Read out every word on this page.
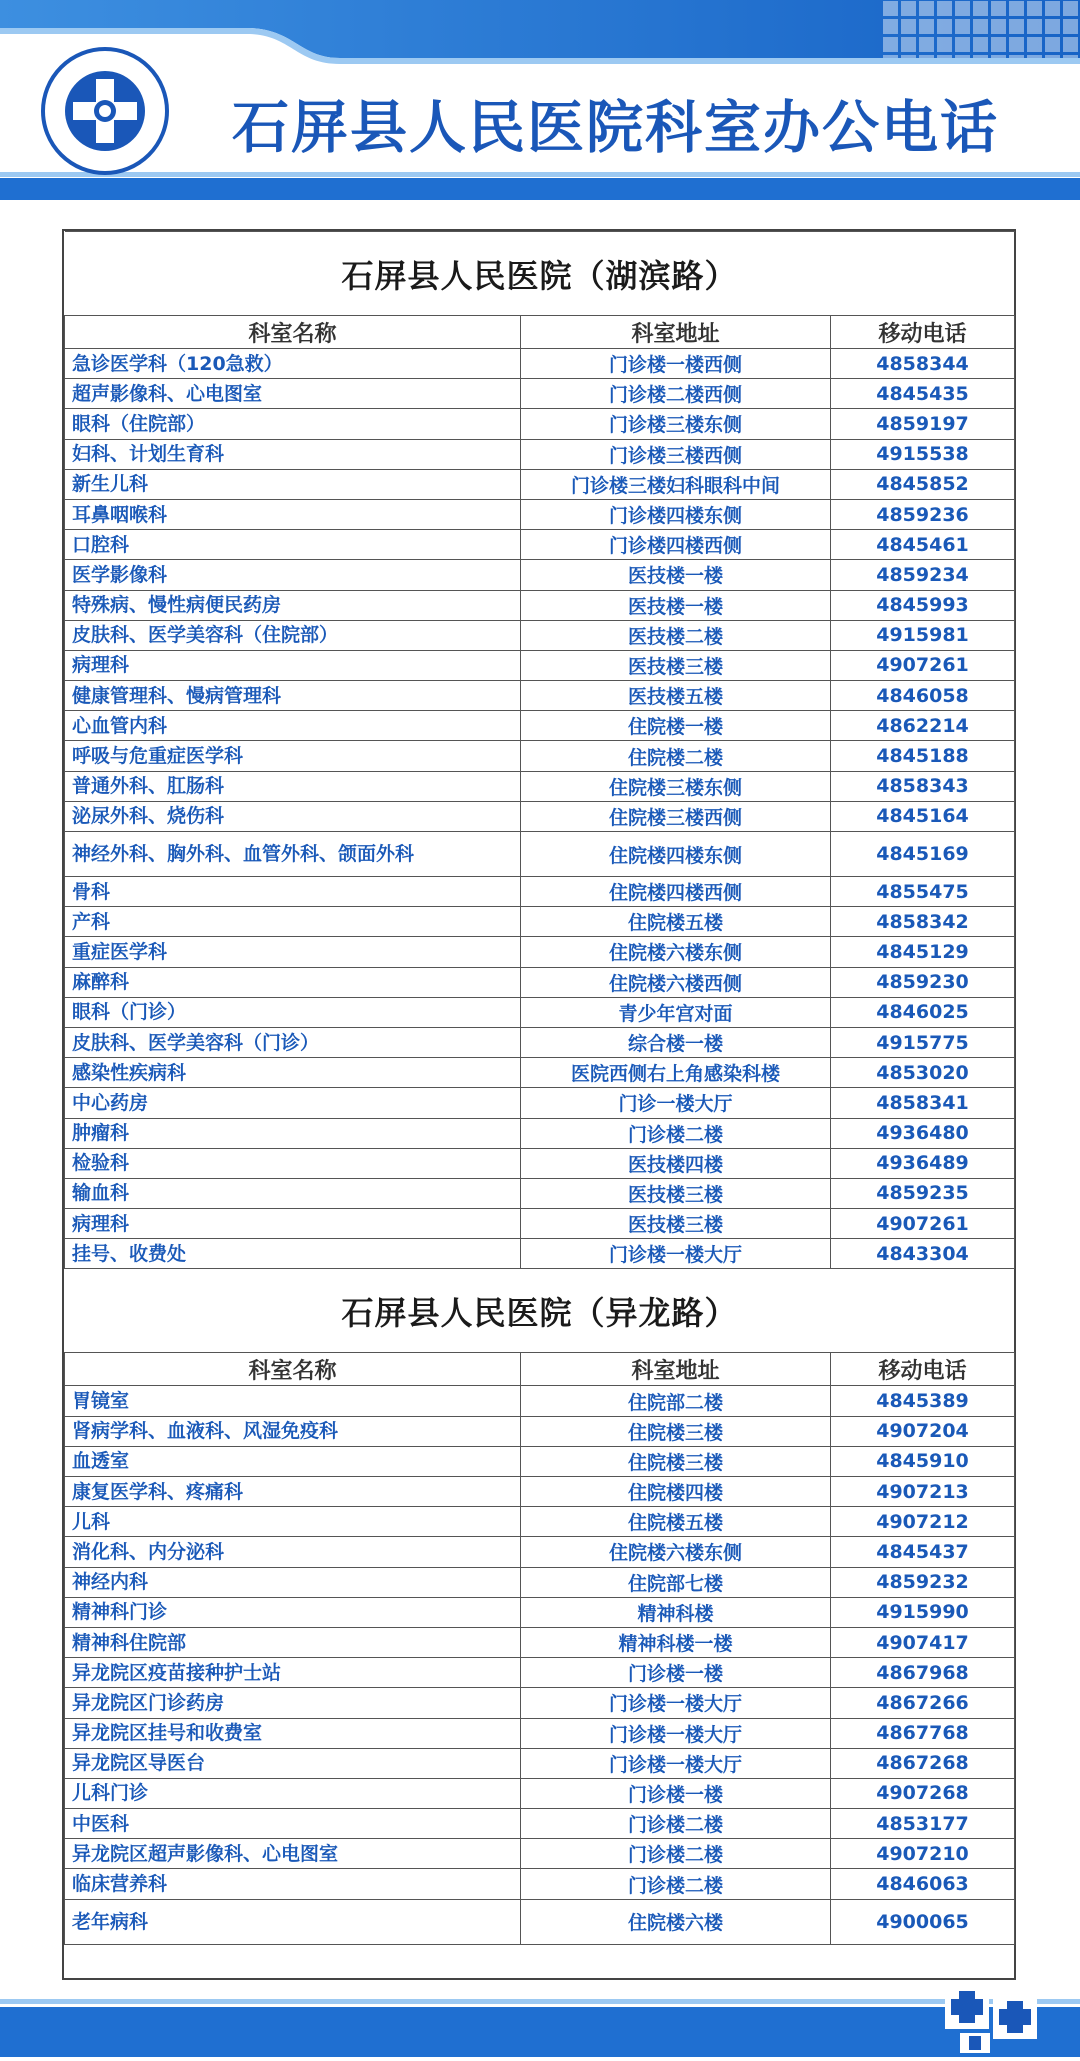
石屏县人民医院科室办公电话
石屏县人民医院（湖滨路）		
科室名称	科室地址	移动电话
急诊医学科（120急救）	门诊楼一楼西侧	4858344
超声影像科、心电图室	门诊楼二楼西侧	4845435
眼科（住院部）	门诊楼三楼东侧	4859197
妇科、计划生育科	门诊楼三楼西侧	4915538
新生儿科	门诊楼三楼妇科眼科中间	4845852
耳鼻咽喉科	门诊楼四楼东侧	4859236
口腔科	门诊楼四楼西侧	4845461
医学影像科	医技楼一楼	4859234
特殊病、慢性病便民药房	医技楼一楼	4845993
皮肤科、医学美容科（住院部）	医技楼二楼	4915981
病理科	医技楼三楼	4907261
健康管理科、慢病管理科	医技楼五楼	4846058
心血管内科	住院楼一楼	4862214
呼吸与危重症医学科	住院楼二楼	4845188
普通外科、肛肠科	住院楼三楼东侧	4858343
泌尿外科、烧伤科	住院楼三楼西侧	4845164
神经外科、胸外科、血管外科、颌面外科	住院楼四楼东侧	4845169
骨科	住院楼四楼西侧	4855475
产科	住院楼五楼	4858342
重症医学科	住院楼六楼东侧	4845129
麻醉科	住院楼六楼西侧	4859230
眼科（门诊）	青少年宫对面	4846025
皮肤科、医学美容科（门诊）	综合楼一楼	4915775
感染性疾病科	医院西侧右上角感染科楼	4853020
中心药房	门诊一楼大厅	4858341
肿瘤科	门诊楼二楼	4936480
检验科	医技楼四楼	4936489
输血科	医技楼三楼	4859235
病理科	医技楼三楼	4907261
挂号、收费处	门诊楼一楼大厅	4843304
石屏县人民医院（异龙路）		
科室名称	科室地址	移动电话
胃镜室	住院部二楼	4845389
肾病学科、血液科、风湿免疫科	住院楼三楼	4907204
血透室	住院楼三楼	4845910
康复医学科、疼痛科	住院楼四楼	4907213
儿科	住院楼五楼	4907212
消化科、内分泌科	住院楼六楼东侧	4845437
神经内科	住院部七楼	4859232
精神科门诊	精神科楼	4915990
精神科住院部	精神科楼一楼	4907417
异龙院区疫苗接种护士站	门诊楼一楼	4867968
异龙院区门诊药房	门诊楼一楼大厅	4867266
异龙院区挂号和收费室	门诊楼一楼大厅	4867768
异龙院区导医台	门诊楼一楼大厅	4867268
儿科门诊	门诊楼一楼	4907268
中医科	门诊楼二楼	4853177
异龙院区超声影像科、心电图室	门诊楼二楼	4907210
临床营养科	门诊楼二楼	4846063
老年病科	住院楼六楼	4900065
